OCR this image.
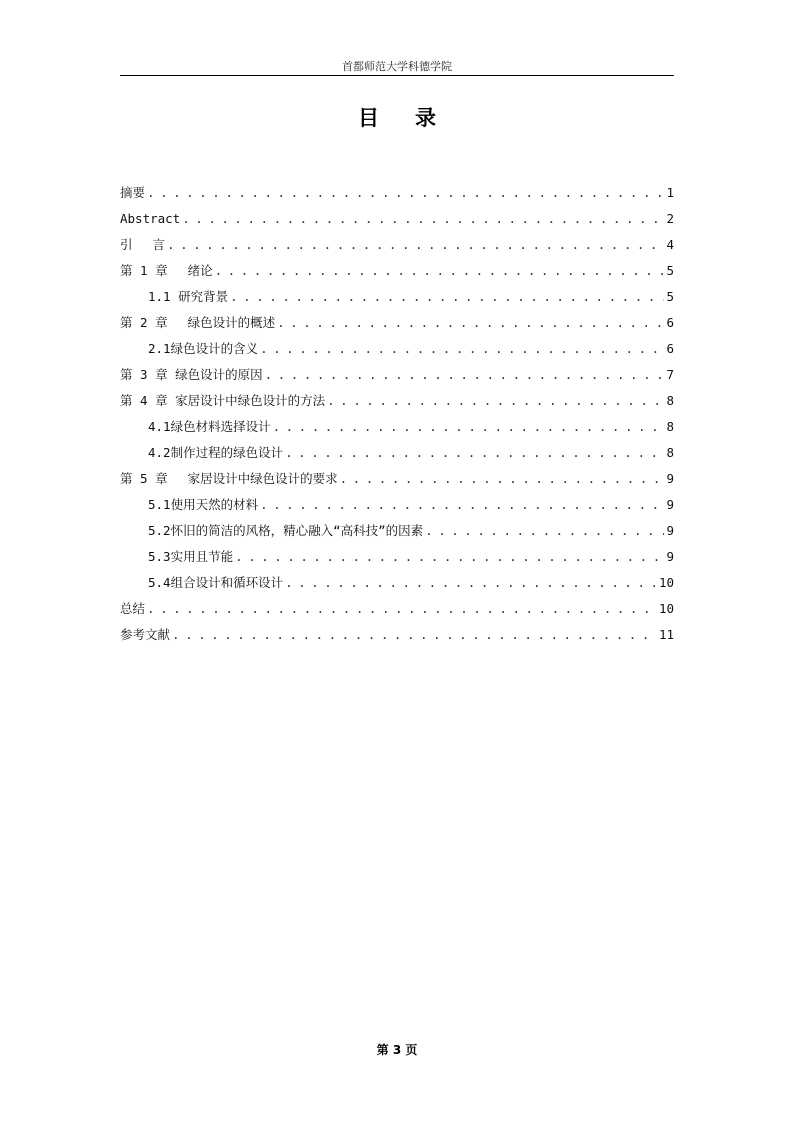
首都师范大学科德学院
目录
摘要 . . .	1
Abstract . . .	2
引　 言 . . .	4
第 1 章　 绪论 . . .	5
1.1 研究背景 . . .	5
第 2 章　 绿色设计的概述 . . .	6
2.1绿色设计的含义 . . .	6
第 3 章 绿色设计的原因 . . .	7
第 4 章 家居设计中绿色设计的方法 . . .	8
4.1绿色材料选择设计 . . .	8
4.2制作过程的绿色设计 . . .	8
第 5 章　 家居设计中绿色设计的要求 . . .	9
5.1使用天然的材料 . . .	9
5.2怀旧的简洁的风格，精心融入“高科技”的因素 . . .	9
5.3实用且节能 . . .	9
5.4组合设计和循环设计 . . .	10
总结 . . .	10
参考文献 . . .	11
第 3 页
